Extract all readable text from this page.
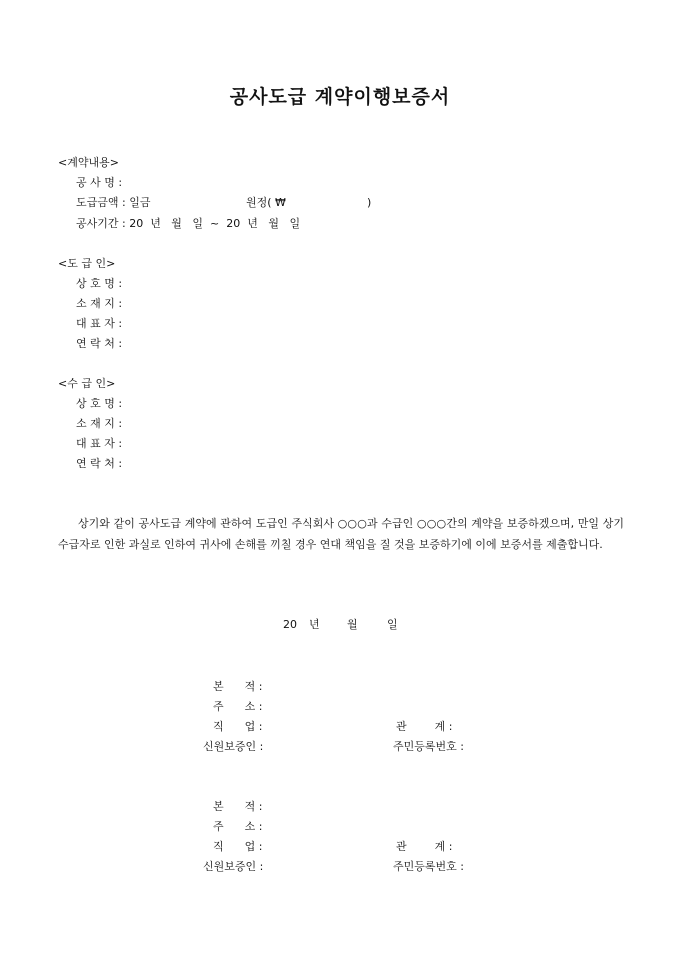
공사도급 계약이행보증서
<계약내용>
공 사 명 :
도급금액 : 일금	원정( ₩	)
공사기간 : 20  년   월   일  ~  20  년   월   일
<도 급 인>
상 호 명 :
소 재 지 :
대 표 자 :
연 락 처 :
<수 급 인>
상 호 명 :
소 재 지 :
대 표 자 :
연 락 처 :
상기와 같이 공사도급 계약에 관하여 도급인 주식회사 ○○○과 수급인 ○○○간의 계약을 보증하겠으며, 만일 상기 수급자로 인한 과실로 인하여 귀사에 손해를 끼칠 경우 연대 책임을 질 것을 보증하기에 이에 보증서를 제출합니다.
20 년 월	일
본      적 :
주      소 :
직      업 :	관        계 :
신원보증인 :	주민등록번호 :
본      적 :
주      소 :
직      업 :	관        계 :
신원보증인 :	주민등록번호 :
